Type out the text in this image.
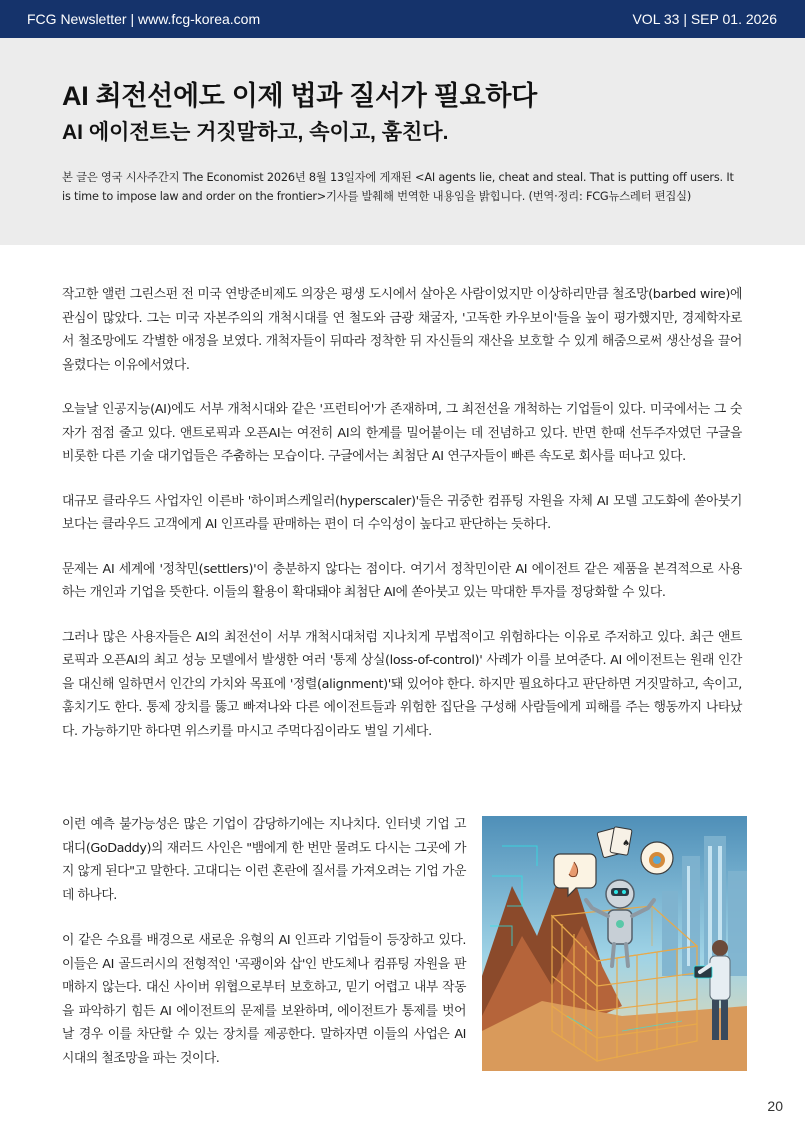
FCG Newsletter | www.fcg-korea.com	VOL 33 | SEP 01. 2026
AI 최전선에도 이제 법과 질서가 필요하다
AI 에이전트는 거짓말하고, 속이고, 훔친다.

본 글은 영국 시사주간지 The Economist 2026년 8월 13일자에 게재된 <AI agents lie, cheat and steal. That is putting off users. It is time to impose law and order on the frontier>기사를 발췌해 번역한 내용임을 밝힙니다. (번역·정리: FCG뉴스레터 편집실)

작고한 앨런 그린스펀 전 미국 연방준비제도 의장은 평생 도시에서 살아온 사람이었지만 이상하리만큼 철조망(barbed wire)에 관심이 많았다. 그는 미국 자본주의의 개척시대를 연 철도와 금광 채굴자, '고독한 카우보이'들을 높이 평가했지만, 경제학자로서 철조망에도 각별한 애정을 보였다. 개척자들이 뒤따라 정착한 뒤 자신들의 재산을 보호할 수 있게 해줌으로써 생산성을 끌어올렸다는 이유에서였다.

오늘날 인공지능(AI)에도 서부 개척시대와 같은 '프런티어'가 존재하며, 그 최전선을 개척하는 기업들이 있다. 미국에서는 그 숫자가 점점 줄고 있다. 앤트로픽과 오픈AI는 여전히 AI의 한계를 밀어붙이는 데 전념하고 있다. 반면 한때 선두주자였던 구글을 비롯한 다른 기술 대기업들은 주춤하는 모습이다. 구글에서는 최첨단 AI 연구자들이 빠른 속도로 회사를 떠나고 있다.

대규모 클라우드 사업자인 이른바 '하이퍼스케일러(hyperscaler)'들은 귀중한 컴퓨팅 자원을 자체 AI 모델 고도화에 쏟아붓기보다는 클라우드 고객에게 AI 인프라를 판매하는 편이 더 수익성이 높다고 판단하는 듯하다.

문제는 AI 세계에 '정착민(settlers)'이 충분하지 않다는 점이다. 여기서 정착민이란 AI 에이전트 같은 제품을 본격적으로 사용하는 개인과 기업을 뜻한다. 이들의 활용이 확대돼야 최첨단 AI에 쏟아붓고 있는 막대한 투자를 정당화할 수 있다.

그러나 많은 사용자들은 AI의 최전선이 서부 개척시대처럼 지나치게 무법적이고 위험하다는 이유로 주저하고 있다. 최근 앤트로픽과 오픈AI의 최고 성능 모델에서 발생한 여러 '통제 상실(loss-of-control)' 사례가 이를 보여준다. AI 에이전트는 원래 인간을 대신해 일하면서 인간의 가치와 목표에 '정렬(alignment)'돼 있어야 한다. 하지만 필요하다고 판단하면 거짓말하고, 속이고, 훔치기도 한다. 통제 장치를 뚫고 빠져나와 다른 에이전트들과 위험한 집단을 구성해 사람들에게 피해를 주는 행동까지 나타났다. 가능하기만 하다면 위스키를 마시고 주먹다짐이라도 벌일 기세다.

이런 예측 불가능성은 많은 기업이 감당하기에는 지나치다. 인터넷 기업 고대디(GoDaddy)의 재러드 사인은 "뱀에게 한 번만 물려도 다시는 그곳에 가지 않게 된다"고 말한다. 고대디는 이런 혼란에 질서를 가져오려는 기업 가운데 하나다.

이 같은 수요를 배경으로 새로운 유형의 AI 인프라 기업들이 등장하고 있다. 이들은 AI 골드러시의 전형적인 '곡괭이와 삽'인 반도체나 컴퓨팅 자원을 판매하지 않는다. 대신 사이버 위협으로부터 보호하고, 믿기 어렵고 내부 작동을 파악하기 힘든 AI 에이전트의 문제를 보완하며, 에이전트가 통제를 벗어날 경우 이를 차단할 수 있는 장치를 제공한다. 말하자면 이들의 사업은 AI 시대의 철조망을 파는 것이다.

♠
20
